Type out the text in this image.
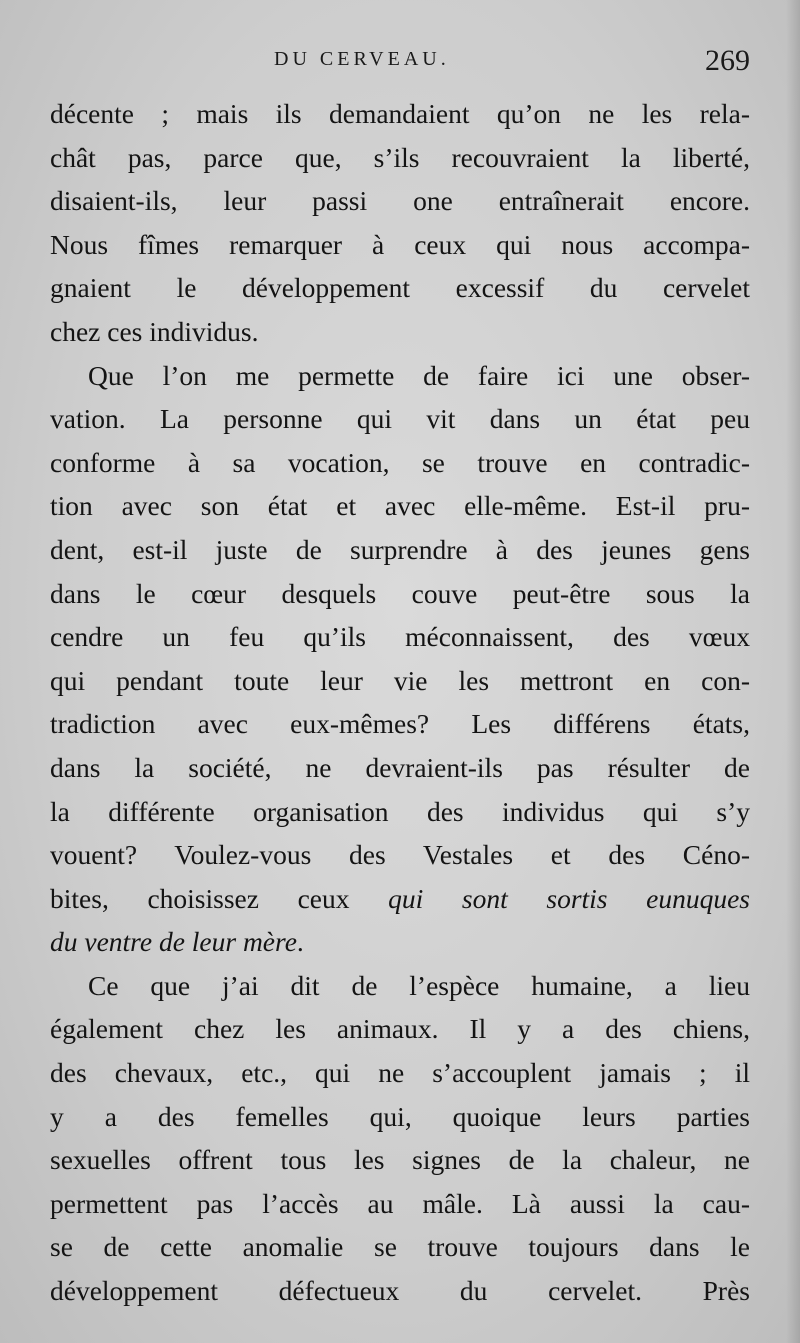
DU CERVEAU.	269
décente ; mais ils demandaient qu’on ne les rela-
chât pas, parce que, s’ils recouvraient la liberté,
disaient-ils, leur passi one entraînerait encore.
Nous fîmes remarquer à ceux qui nous accompa-
gnaient le développement excessif du cervelet
chez ces individus.
Que l’on me permette de faire ici une obser-
vation. La personne qui vit dans un état peu
conforme à sa vocation, se trouve en contradic-
tion avec son état et avec elle-même. Est-il pru-
dent, est-il juste de surprendre à des jeunes gens
dans le cœur desquels couve peut-être sous la
cendre un feu qu’ils méconnaissent, des vœux
qui pendant toute leur vie les mettront en con-
tradiction avec eux-mêmes? Les différens états,
dans la société, ne devraient-ils pas résulter de
la différente organisation des individus qui s’y
vouent? Voulez-vous des Vestales et des Céno-
bites, choisissez ceux qui sont sortis eunuques
du ventre de leur mère.
Ce que j’ai dit de l’espèce humaine, a lieu
également chez les animaux. Il y a des chiens,
des chevaux, etc., qui ne s’accouplent jamais ; il
y a des femelles qui, quoique leurs parties
sexuelles offrent tous les signes de la chaleur, ne
permettent pas l’accès au mâle. Là aussi la cau-
se de cette anomalie se trouve toujours dans le
développement défectueux du cervelet. Près
